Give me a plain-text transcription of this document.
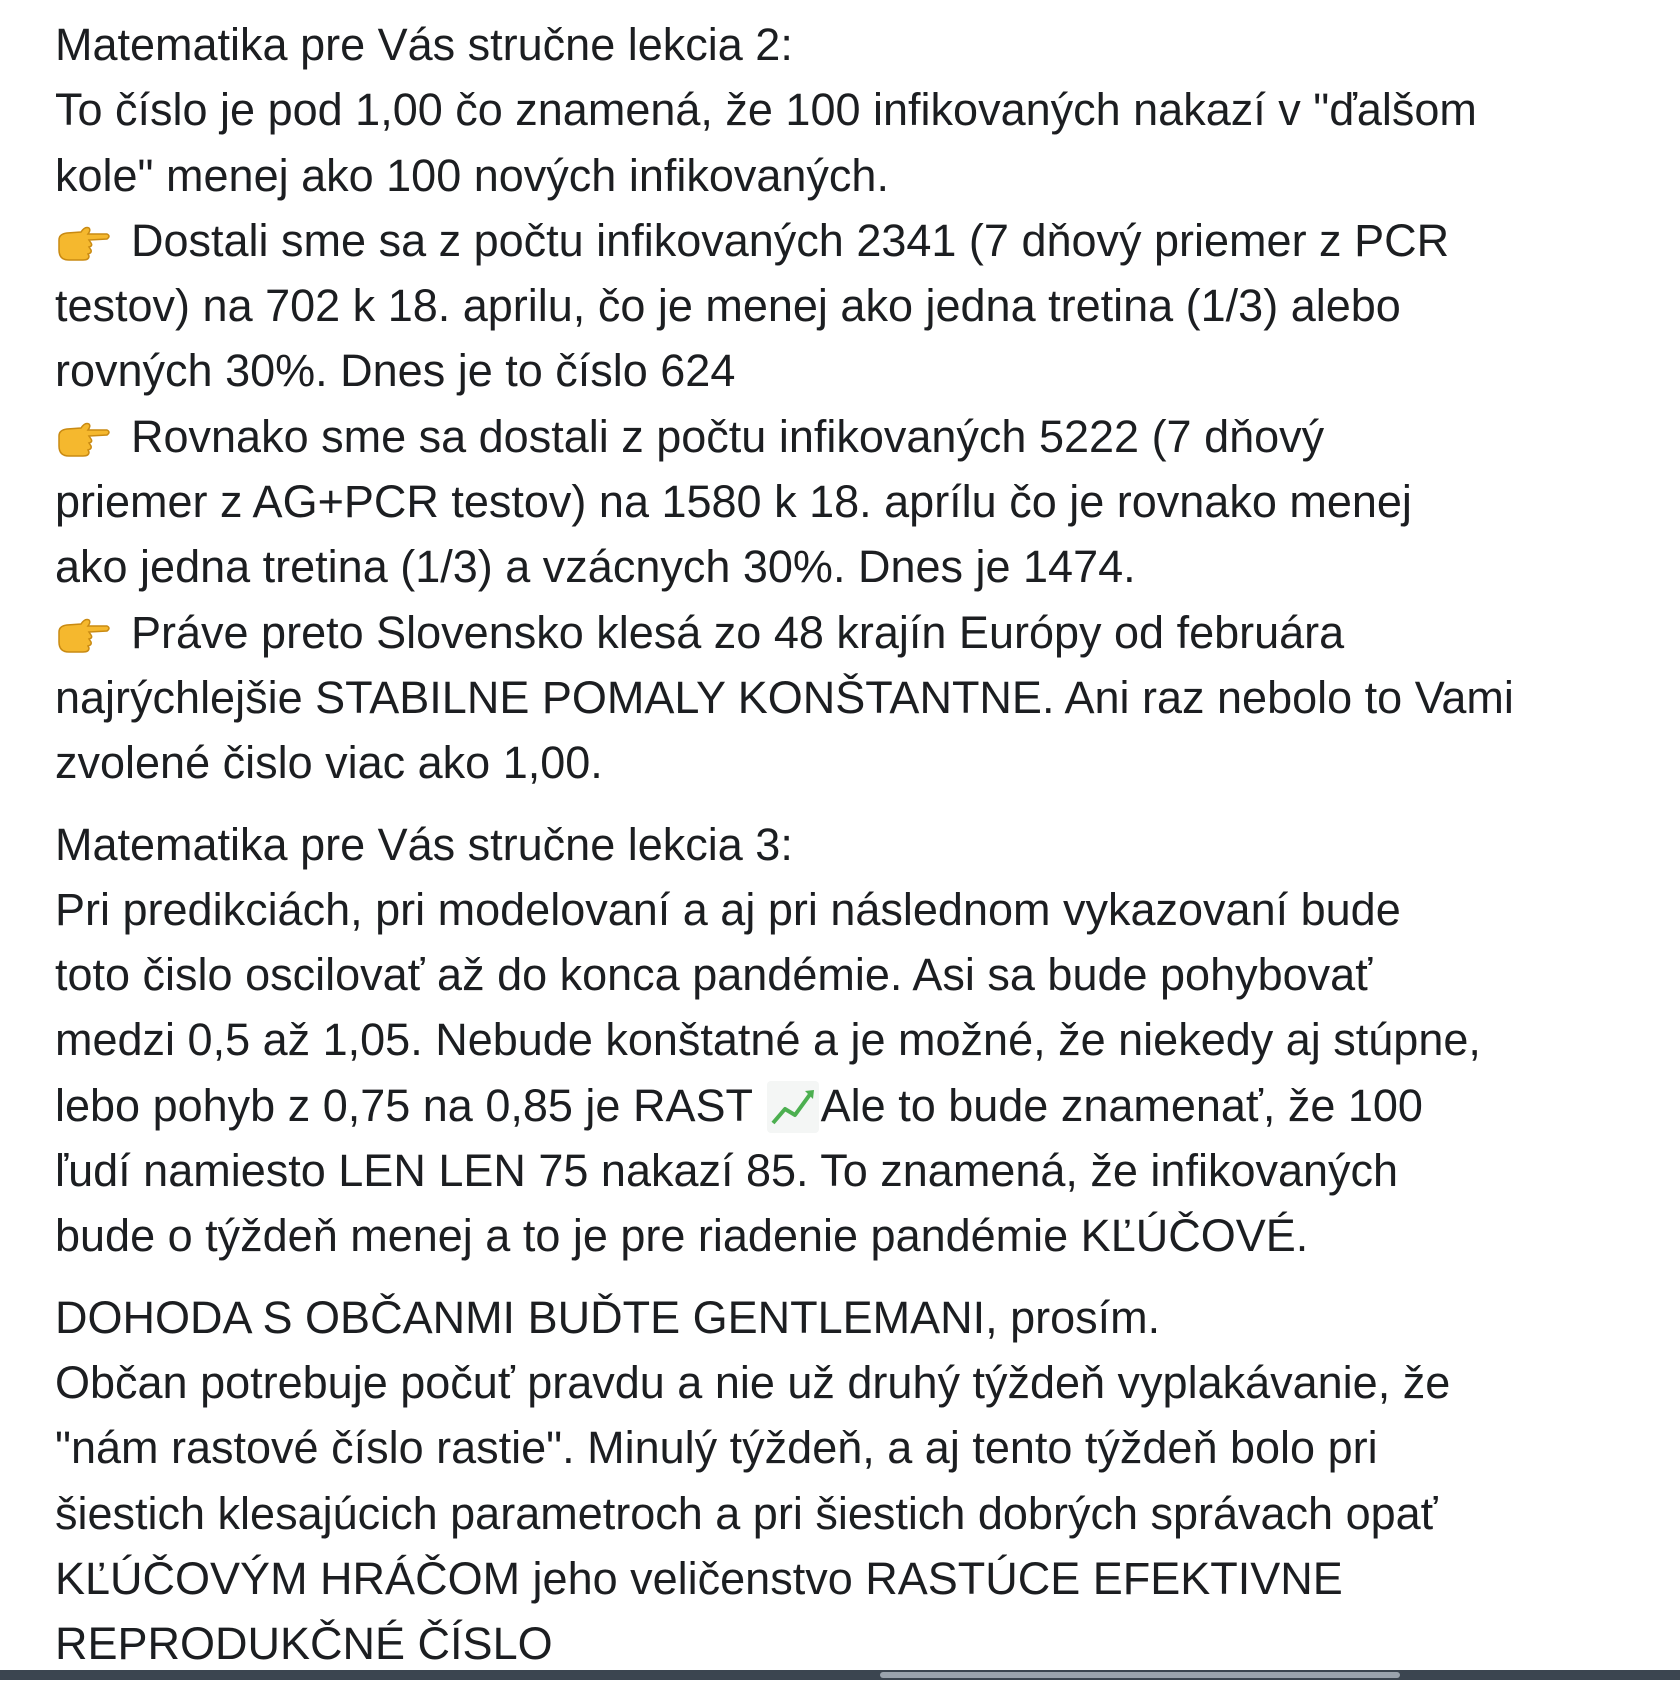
Matematika pre Vás stručne lekcia 2:
To číslo je pod 1,00 čo znamená, že 100 infikovaných nakazí v "ďalšom
kole" menej ako 100 nových infikovaných.
Dostali sme sa z počtu infikovaných 2341 (7 dňový priemer z PCR
testov) na 702 k 18. aprilu, čo je menej ako jedna tretina (1/3) alebo
rovných 30%. Dnes je to číslo 624
Rovnako sme sa dostali z počtu infikovaných 5222 (7 dňový
priemer z AG+PCR testov) na 1580 k 18. aprílu čo je rovnako menej
ako jedna tretina (1/3) a vzácnych 30%. Dnes je 1474.
Práve preto Slovensko klesá zo 48 krajín Európy od februára
najrýchlejšie STABILNE POMALY KONŠTANTNE. Ani raz nebolo to Vami
zvolené čislo viac ako 1,00.
Matematika pre Vás stručne lekcia 3:
Pri predikciách, pri modelovaní a aj pri následnom vykazovaní bude
toto čislo oscilovať až do konca pandémie. Asi sa bude pohybovať
medzi 0,5 až 1,05. Nebude konštatné a je možné, že niekedy aj stúpne,
lebo pohyb z 0,75 na 0,85 je RAST Ale to bude znamenať, že 100
ľudí namiesto LEN LEN 75 nakazí 85. To znamená, že infikovaných
bude o týždeň menej a to je pre riadenie pandémie KĽÚČOVÉ.
DOHODA S OBČANMI BUĎTE GENTLEMANI, prosím.
Občan potrebuje počuť pravdu a nie už druhý týždeň vyplakávanie, že
"nám rastové číslo rastie". Minulý týždeň, a aj tento týždeň bolo pri
šiestich klesajúcich parametroch a pri šiestich dobrých správach opať
KĽÚČOVÝM HRÁČOM jeho veličenstvo RASTÚCE EFEKTIVNE
REPRODUKČNÉ ČÍSLO
